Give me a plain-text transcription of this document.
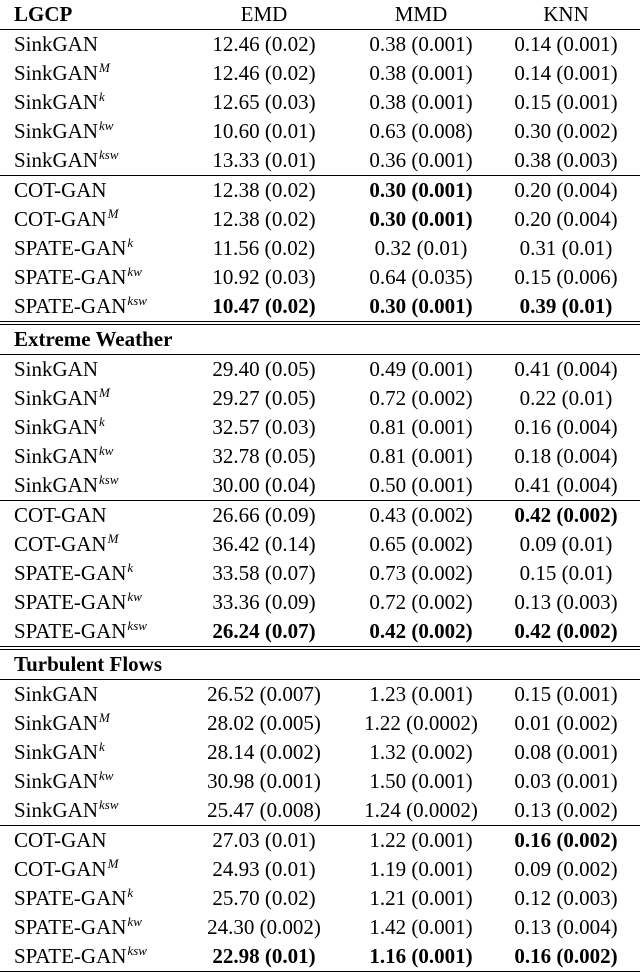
LGCP	EMD	MMD	KNN
SinkGAN	12.46 (0.02)	0.38 (0.001)	0.14 (0.001)
SinkGAN$^M$	12.46 (0.02)	0.38 (0.001)	0.14 (0.001)
SinkGAN$^k$	12.65 (0.03)	0.38 (0.001)	0.15 (0.001)
SinkGAN$^{kw}$	10.60 (0.01)	0.63 (0.008)	0.30 (0.002)
SinkGAN$^{ksw}$	13.33 (0.01)	0.36 (0.001)	0.38 (0.003)
COT-GAN	12.38 (0.02)	0.30 (0.001)	0.20 (0.004)
COT-$GAN^M$	12.38 (0.02)	0.30 (0.001)	0.20 (0.004)
SPATE-GAN$^k$	11.56 (0.02)	0.32 (0.01)	0.31 (0.01)
SPATE-$GAN^{kw}$	10.92 (0.03)	0.64 (0.035)	0.15 (0.006)
SPATE-$GAN^{ksw}$	10.47 (0.02)	0.30 (0.001)	0.39 (0.01)
Extreme Weather
SinkGAN	29.40 (0.05)	0.49 (0.001)	0.41 (0.004)
SinkGAN$^M$	29.27 (0.05)	0.72 (0.002)	0.22 (0.01)
SinkGAN$^k$	32.57 (0.03)	0.81 (0.001)	0.16 (0.004)
SinkGAN$^{kw}$	32.78 (0.05)	0.81 (0.001)	0.18 (0.004)
SinkGAN$^{ksw}$	30.00 (0.04)	0.50 (0.001)	0.41 (0.004)
COT-GAN	26.66 (0.09)	0.43 (0.002)	0.42 (0.002)
COT-$GAN^M$	36.42 (0.14)	0.65 (0.002)	0.09 (0.01)
SPATE-GAN$^k$	33.58 (0.07)	0.73 (0.002)	0.15 (0.01)
SPATE-$GAN^{kw}$	33.36 (0.09)	0.72 (0.002)	0.13 (0.003)
SPATE-$GAN^{ksw}$	26.24 (0.07)	0.42 (0.002)	0.42 (0.002)
Turbulent Flows
SinkGAN	26.52 (0.007)	1.23 (0.001)	0.15 (0.001)
SinkGAN$^M$	28.02 (0.005)	1.22 (0.0002)	0.01 (0.002)
SinkGAN$^k$	28.14 (0.002)	1.32 (0.002)	0.08 (0.001)
SinkGAN$^{kw}$	30.98 (0.001)	1.50 (0.001)	0.03 (0.001)
SinkGAN$^{ksw}$	25.47 (0.008)	1.24 (0.0002)	0.13 (0.002)
COT-GAN	27.03 (0.01)	1.22 (0.001)	0.16 (0.002)
COT-$GAN^M$	24.93 (0.01)	1.19 (0.001)	0.09 (0.002)
SPATE-GAN$^k$	25.70 (0.02)	1.21 (0.001)	0.12 (0.003)
SPATE-$GAN^{kw}$	24.30 (0.002)	1.42 (0.001)	0.13 (0.004)
SPATE-$GAN^{ksw}$	22.98 (0.01)	1.16 (0.001)	0.16 (0.002)
